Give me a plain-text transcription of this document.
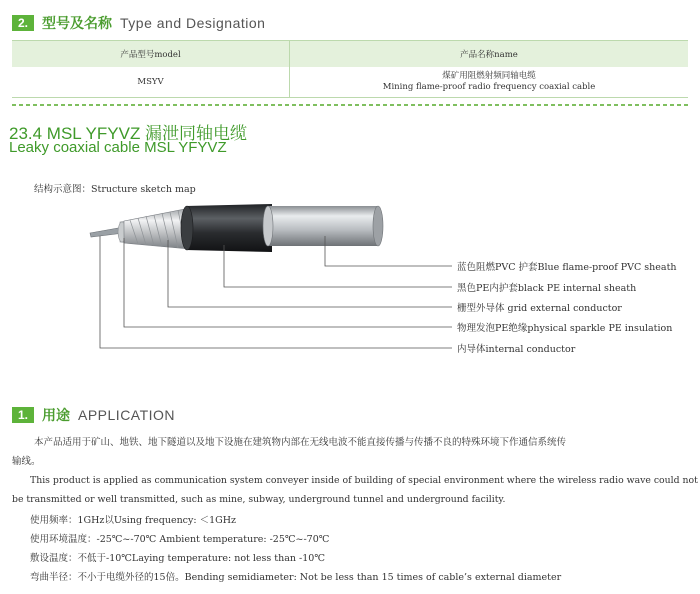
2.	型号及名称 Type and Designation
产品型号model	产品名称name
MSYV	煤矿用阻燃射频同轴电缆
Mining flame-proof radio frequency coaxial cable
23.4 MSL YFYVZ 漏泄同轴电缆
Leaky coaxial cable MSL YFYVZ
结构示意图：Structure sketch map
蓝色阻燃PVC 护套Blue flame-proof PVC sheath
黑色PE内护套black PE internal sheath
栅型外导体 grid external conductor
物理发泡PE绝缘physical sparkle PE insulation
内导体internal conductor
1.	用途 APPLICATION
本产品适用于矿山、地铁、地下隧道以及地下设施在建筑物内部在无线电波不能直接传播与传播不良的特殊环境下作通信系统传
输线。
This product is applied as communication system conveyer inside of building of special environment where the wireless radio wave could not
be transmitted or well transmitted, such as mine, subway, underground tunnel and underground facility.
使用频率：1GHz以Using frequency: ＜1GHz
使用环境温度：-25℃~-70℃ Ambient temperature: -25℃~-70℃
敷设温度：不低于-10℃Laying temperature: not less than -10℃
弯曲半径：不小于电缆外径的15倍。Bending semidiameter: Not be less than 15 times of cable’s external diameter
